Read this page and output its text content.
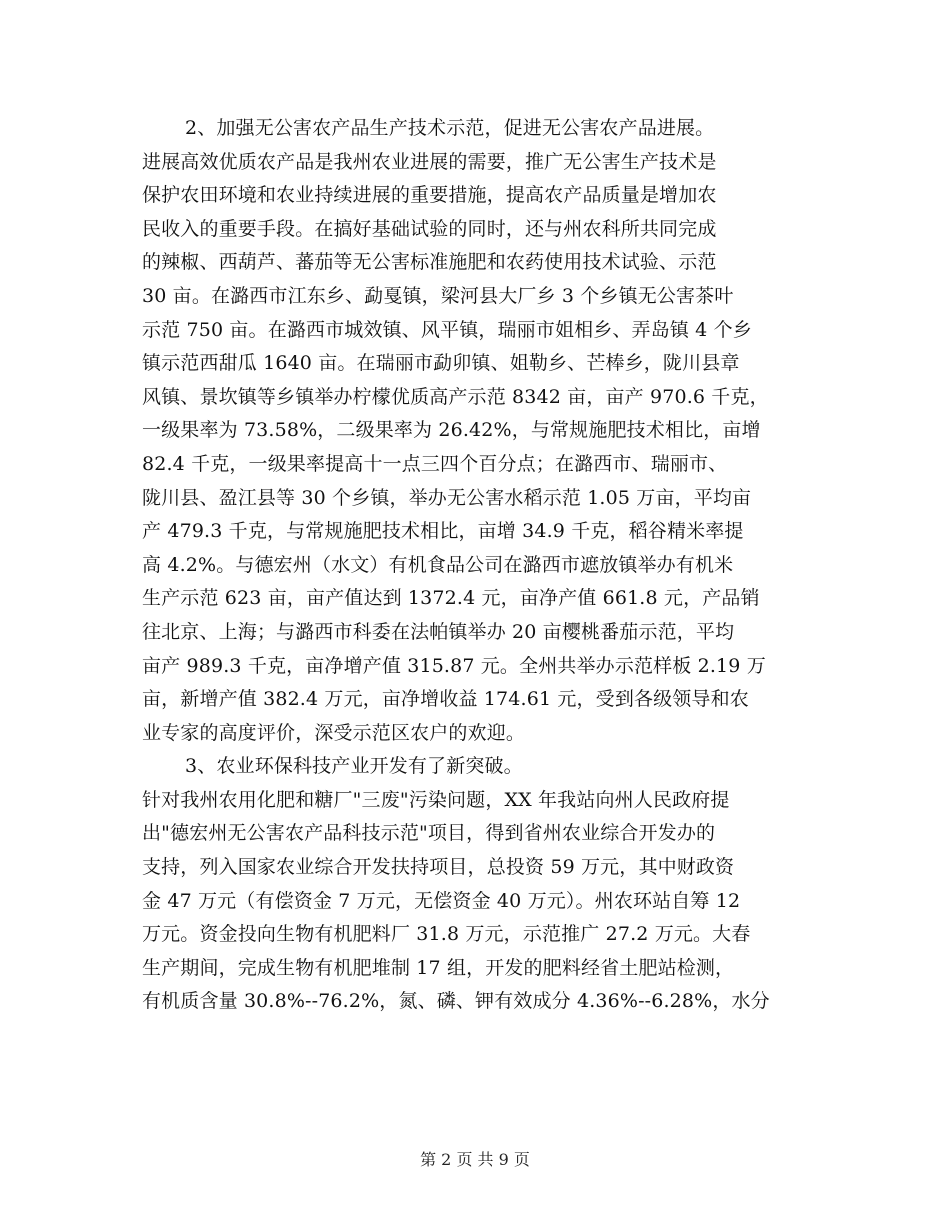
2、加强无公害农产品生产技术示范，促进无公害农产品进展。
进展高效优质农产品是我州农业进展的需要，推广无公害生产技术是
保护农田环境和农业持续进展的重要措施，提高农产品质量是增加农
民收入的重要手段。在搞好基础试验的同时，还与州农科所共同完成
的辣椒、西葫芦、蕃茄等无公害标准施肥和农药使用技术试验、示范
30 亩。在潞西市江东乡、勐戛镇，梁河县大厂乡 3 个乡镇无公害茶叶
示范 750 亩。在潞西市城效镇、风平镇，瑞丽市姐相乡、弄岛镇 4 个乡
镇示范西甜瓜 1640 亩。在瑞丽市勐卯镇、姐勒乡、芒棒乡，陇川县章
风镇、景坎镇等乡镇举办柠檬优质高产示范 8342 亩，亩产 970.6 千克，
一级果率为 73.58%，二级果率为 26.42%，与常规施肥技术相比，亩增
82.4 千克，一级果率提高十一点三四个百分点；在潞西市、瑞丽市、
陇川县、盈江县等 30 个乡镇，举办无公害水稻示范 1.05 万亩，平均亩
产 479.3 千克，与常规施肥技术相比，亩增 34.9 千克，稻谷精米率提
高 4.2%。与德宏州（水文）有机食品公司在潞西市遮放镇举办有机米
生产示范 623 亩，亩产值达到 1372.4 元，亩净产值 661.8 元，产品销
往北京、上海；与潞西市科委在法帕镇举办 20 亩樱桃番茄示范，平均
亩产 989.3 千克，亩净增产值 315.87 元。全州共举办示范样板 2.19 万
亩，新增产值 382.4 万元，亩净增收益 174.61 元，受到各级领导和农
业专家的高度评价，深受示范区农户的欢迎。
3、农业环保科技产业开发有了新突破。
针对我州农用化肥和糖厂"三废"污染问题，XX 年我站向州人民政府提
出"德宏州无公害农产品科技示范"项目，得到省州农业综合开发办的
支持，列入国家农业综合开发扶持项目，总投资 59 万元，其中财政资
金 47 万元（有偿资金 7 万元，无偿资金 40 万元）。州农环站自筹 12
万元。资金投向生物有机肥料厂 31.8 万元，示范推广 27.2 万元。大春
生产期间，完成生物有机肥堆制 17 组，开发的肥料经省土肥站检测，
有机质含量 30.8%--76.2%，氮、磷、钾有效成分 4.36%--6.28%，水分
第 2 页 共 9 页
